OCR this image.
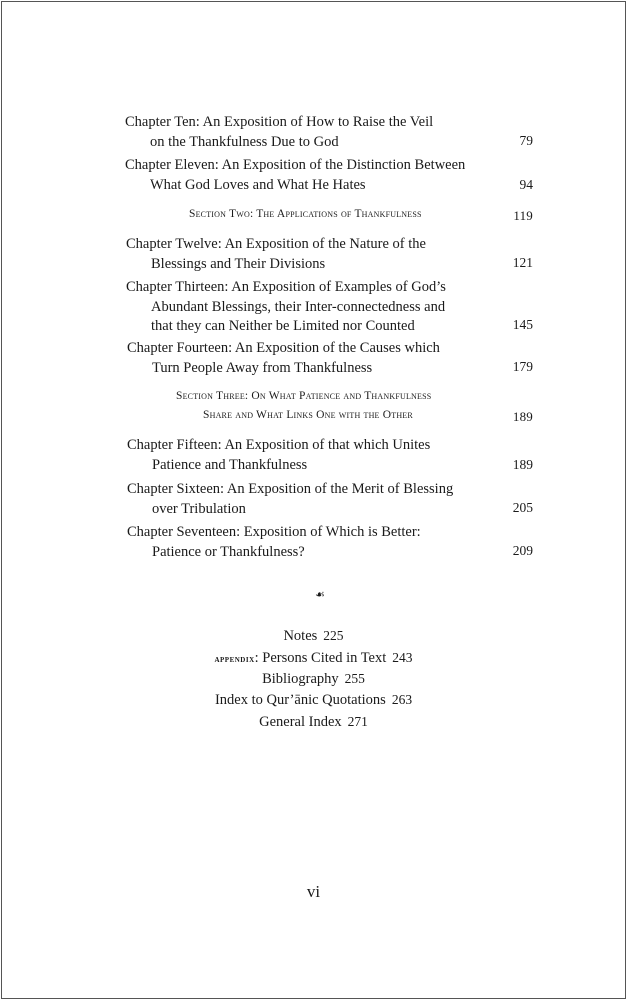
Chapter Ten: An Exposition of How to Raise the Veil
on the Thankfulness Due to God	79
Chapter Eleven: An Exposition of the Distinction Between
What God Loves and What He Hates	94
Section Two: The Applications of Thankfulness	119
Chapter Twelve: An Exposition of the Nature of the
Blessings and Their Divisions	121
Chapter Thirteen: An Exposition of Examples of God’s
Abundant Blessings, their Inter-connectedness and
that they can Neither be Limited nor Counted	145
Chapter Fourteen: An Exposition of the Causes which
Turn People Away from Thankfulness	179
Section Three: On What Patience and Thankfulness
Share and What Links One with the Other	189
Chapter Fifteen: An Exposition of that which Unites
Patience and Thankfulness	189
Chapter Sixteen: An Exposition of the Merit of Blessing
over Tribulation	205
Chapter Seventeen: Exposition of Which is Better:
Patience or Thankfulness?	209
☙
Notes 225
appendix: Persons Cited in Text 243
Bibliography 255
Index to Qur’ānic Quotations 263
General Index 271
vi
